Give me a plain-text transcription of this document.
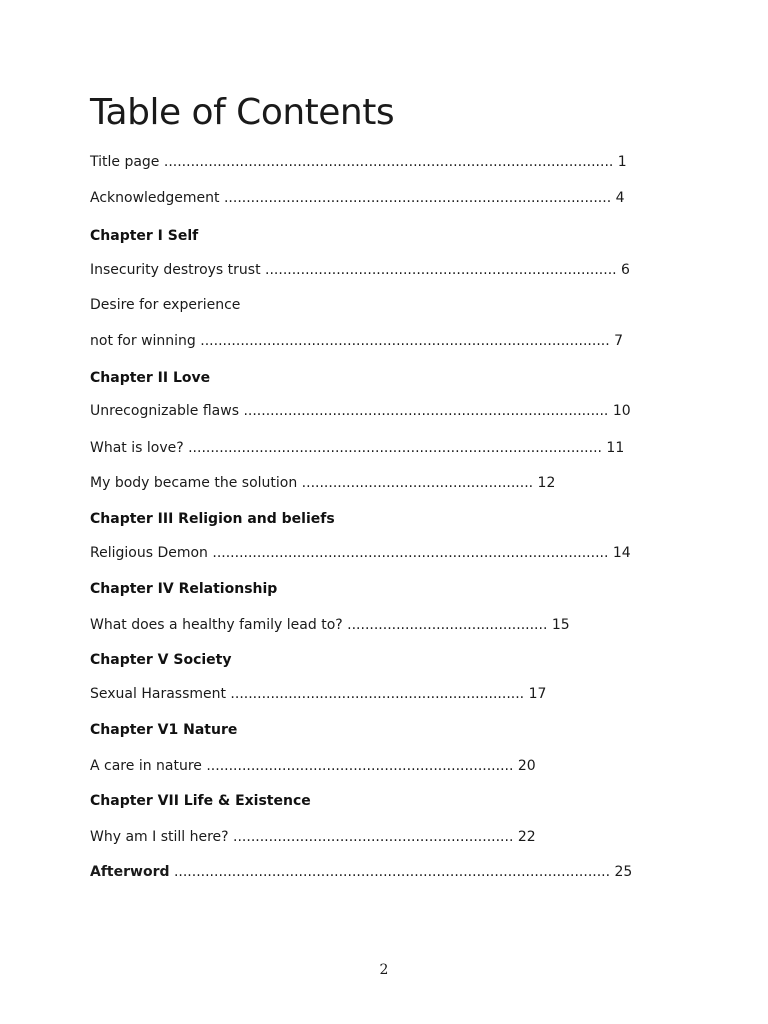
Table of Contents
Title page ..................................................................................................... 1
Acknowledgement ....................................................................................... 4
Chapter I Self
Insecurity destroys trust ............................................................................... 6
Desire for experience
not for winning ............................................................................................ 7
Chapter II Love
Unrecognizable flaws .................................................................................. 10
What is love? ............................................................................................. 11
My body became the solution .................................................... 12
Chapter III Religion and beliefs
Religious Demon ......................................................................................... 14
Chapter IV Relationship
What does a healthy family lead to? ............................................. 15
Chapter V Society
Sexual Harassment .................................................................. 17
Chapter V1 Nature
A care in nature ..................................................................... 20
Chapter VII Life & Existence
Why am I still here? ............................................................... 22
Afterword .................................................................................................. 25
2
